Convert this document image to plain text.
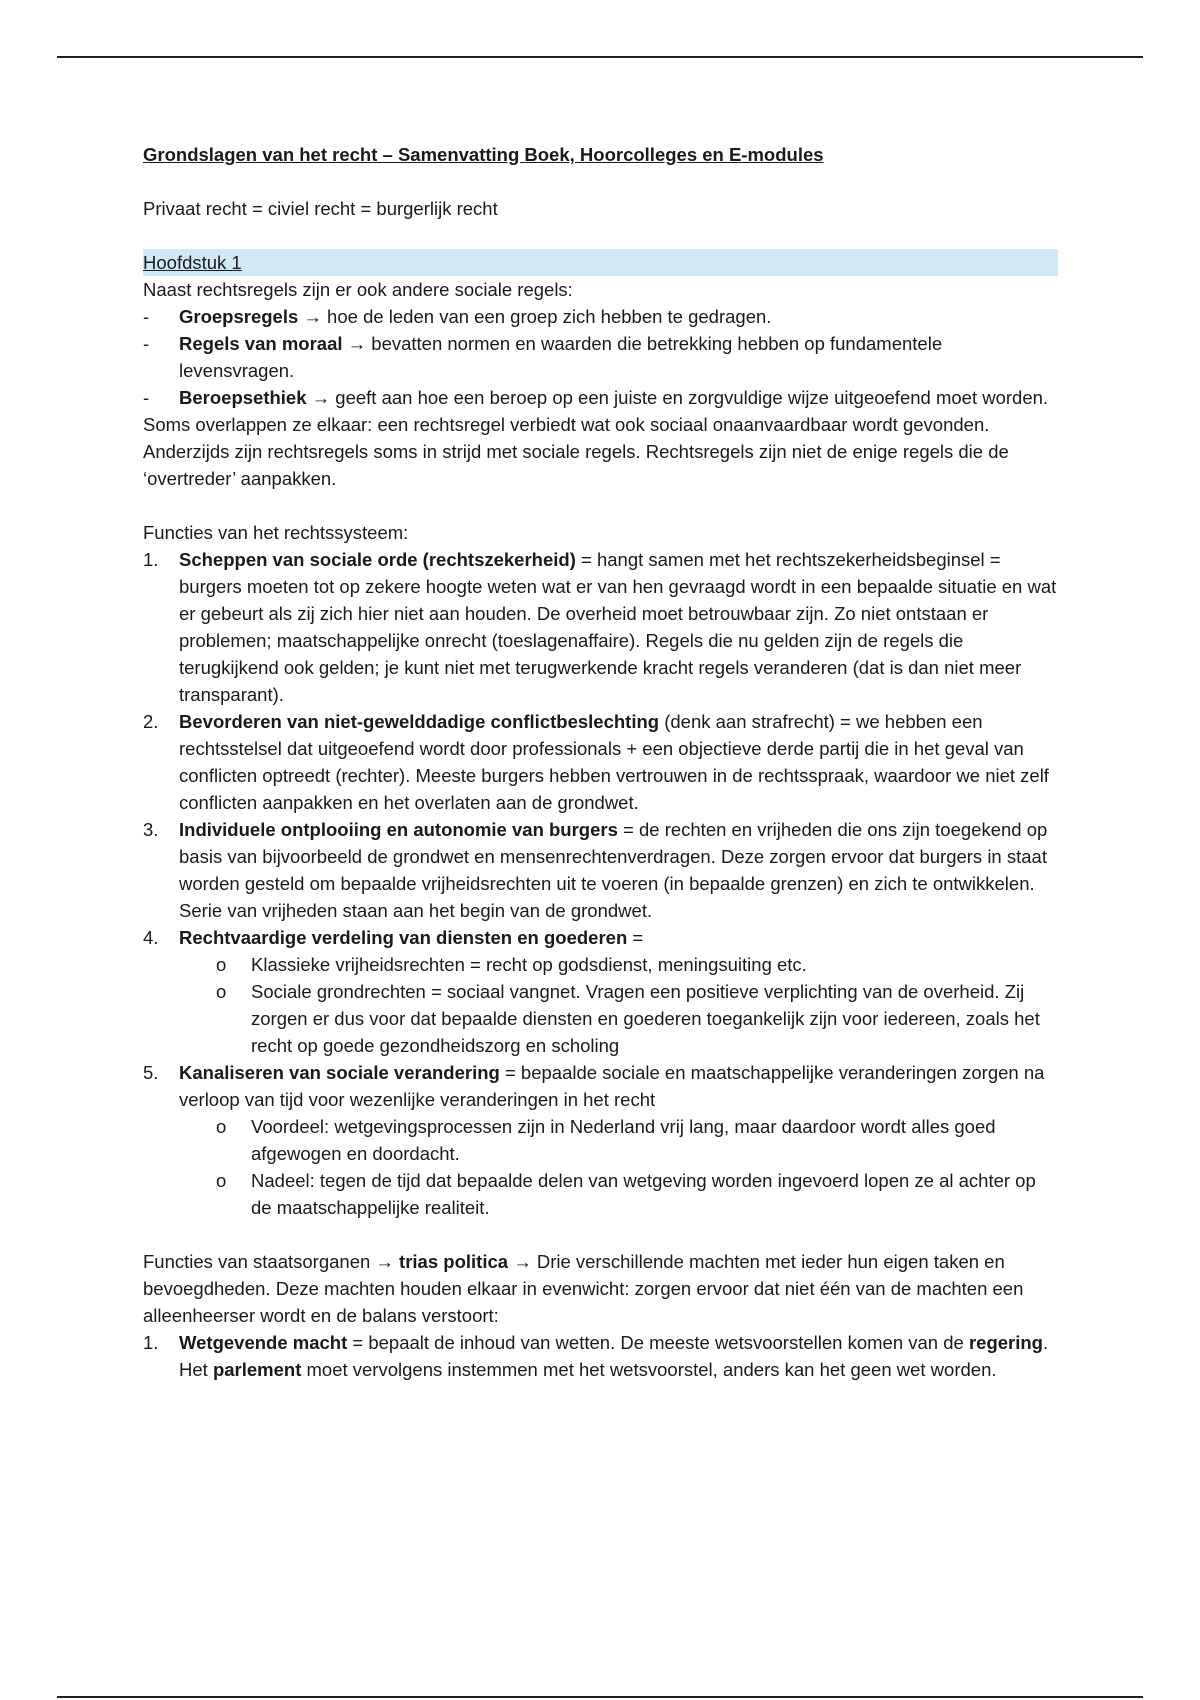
Grondslagen van het recht – Samenvatting Boek, Hoorcolleges en E-modules

Privaat recht = civiel recht = burgerlijk recht

Hoofdstuk 1

Naast rechtsregels zijn er ook andere sociale regels:

-	Groepsregels → hoe de leden van een groep zich hebben te gedragen.

-	Regels van moraal → bevatten normen en waarden die betrekking hebben op fundamentele levensvragen.

-	Beroepsethiek → geeft aan hoe een beroep op een juiste en zorgvuldige wijze uitgeoefend moet worden.

Soms overlappen ze elkaar: een rechtsregel verbiedt wat ook sociaal onaanvaardbaar wordt gevonden. Anderzijds zijn rechtsregels soms in strijd met sociale regels. Rechtsregels zijn niet de enige regels die de ‘overtreder’ aanpakken.

Functies van het rechtssysteem:

1.	Scheppen van sociale orde (rechtszekerheid) = hangt samen met het rechtszekerheidsbeginsel = burgers moeten tot op zekere hoogte weten wat er van hen gevraagd wordt in een bepaalde situatie en wat er gebeurt als zij zich hier niet aan houden. De overheid moet betrouwbaar zijn. Zo niet ontstaan er problemen; maatschappelijke onrecht (toeslagenaffaire). Regels die nu gelden zijn de regels die terugkijkend ook gelden; je kunt niet met terugwerkende kracht regels veranderen (dat is dan niet meer transparant).

2.	Bevorderen van niet-gewelddadige conflictbeslechting (denk aan strafrecht) = we hebben een rechtsstelsel dat uitgeoefend wordt door professionals + een objectieve derde partij die in het geval van conflicten optreedt (rechter). Meeste burgers hebben vertrouwen in de rechtsspraak, waardoor we niet zelf conflicten aanpakken en het overlaten aan de grondwet.

3.	Individuele ontplooiing en autonomie van burgers = de rechten en vrijheden die ons zijn toegekend op basis van bijvoorbeeld de grondwet en mensenrechtenverdragen. Deze zorgen ervoor dat burgers in staat worden gesteld om bepaalde vrijheidsrechten uit te voeren (in bepaalde grenzen) en zich te ontwikkelen. Serie van vrijheden staan aan het begin van de grondwet.

4.	Rechtvaardige verdeling van diensten en goederen =

o	Klassieke vrijheidsrechten = recht op godsdienst, meningsuiting etc.

o	Sociale grondrechten = sociaal vangnet. Vragen een positieve verplichting van de overheid. Zij zorgen er dus voor dat bepaalde diensten en goederen toegankelijk zijn voor iedereen, zoals het recht op goede gezondheidszorg en scholing

5.	Kanaliseren van sociale verandering = bepaalde sociale en maatschappelijke veranderingen zorgen na verloop van tijd voor wezenlijke veranderingen in het recht

o	Voordeel: wetgevingsprocessen zijn in Nederland vrij lang, maar daardoor wordt alles goed afgewogen en doordacht.

o	Nadeel: tegen de tijd dat bepaalde delen van wetgeving worden ingevoerd lopen ze al achter op de maatschappelijke realiteit.

Functies van staatsorganen → trias politica → Drie verschillende machten met ieder hun eigen taken en bevoegdheden. Deze machten houden elkaar in evenwicht: zorgen ervoor dat niet één van de machten een alleenheerser wordt en de balans verstoort:

1.	Wetgevende macht = bepaalt de inhoud van wetten. De meeste wetsvoorstellen komen van de regering. Het parlement moet vervolgens instemmen met het wetsvoorstel, anders kan het geen wet worden.
